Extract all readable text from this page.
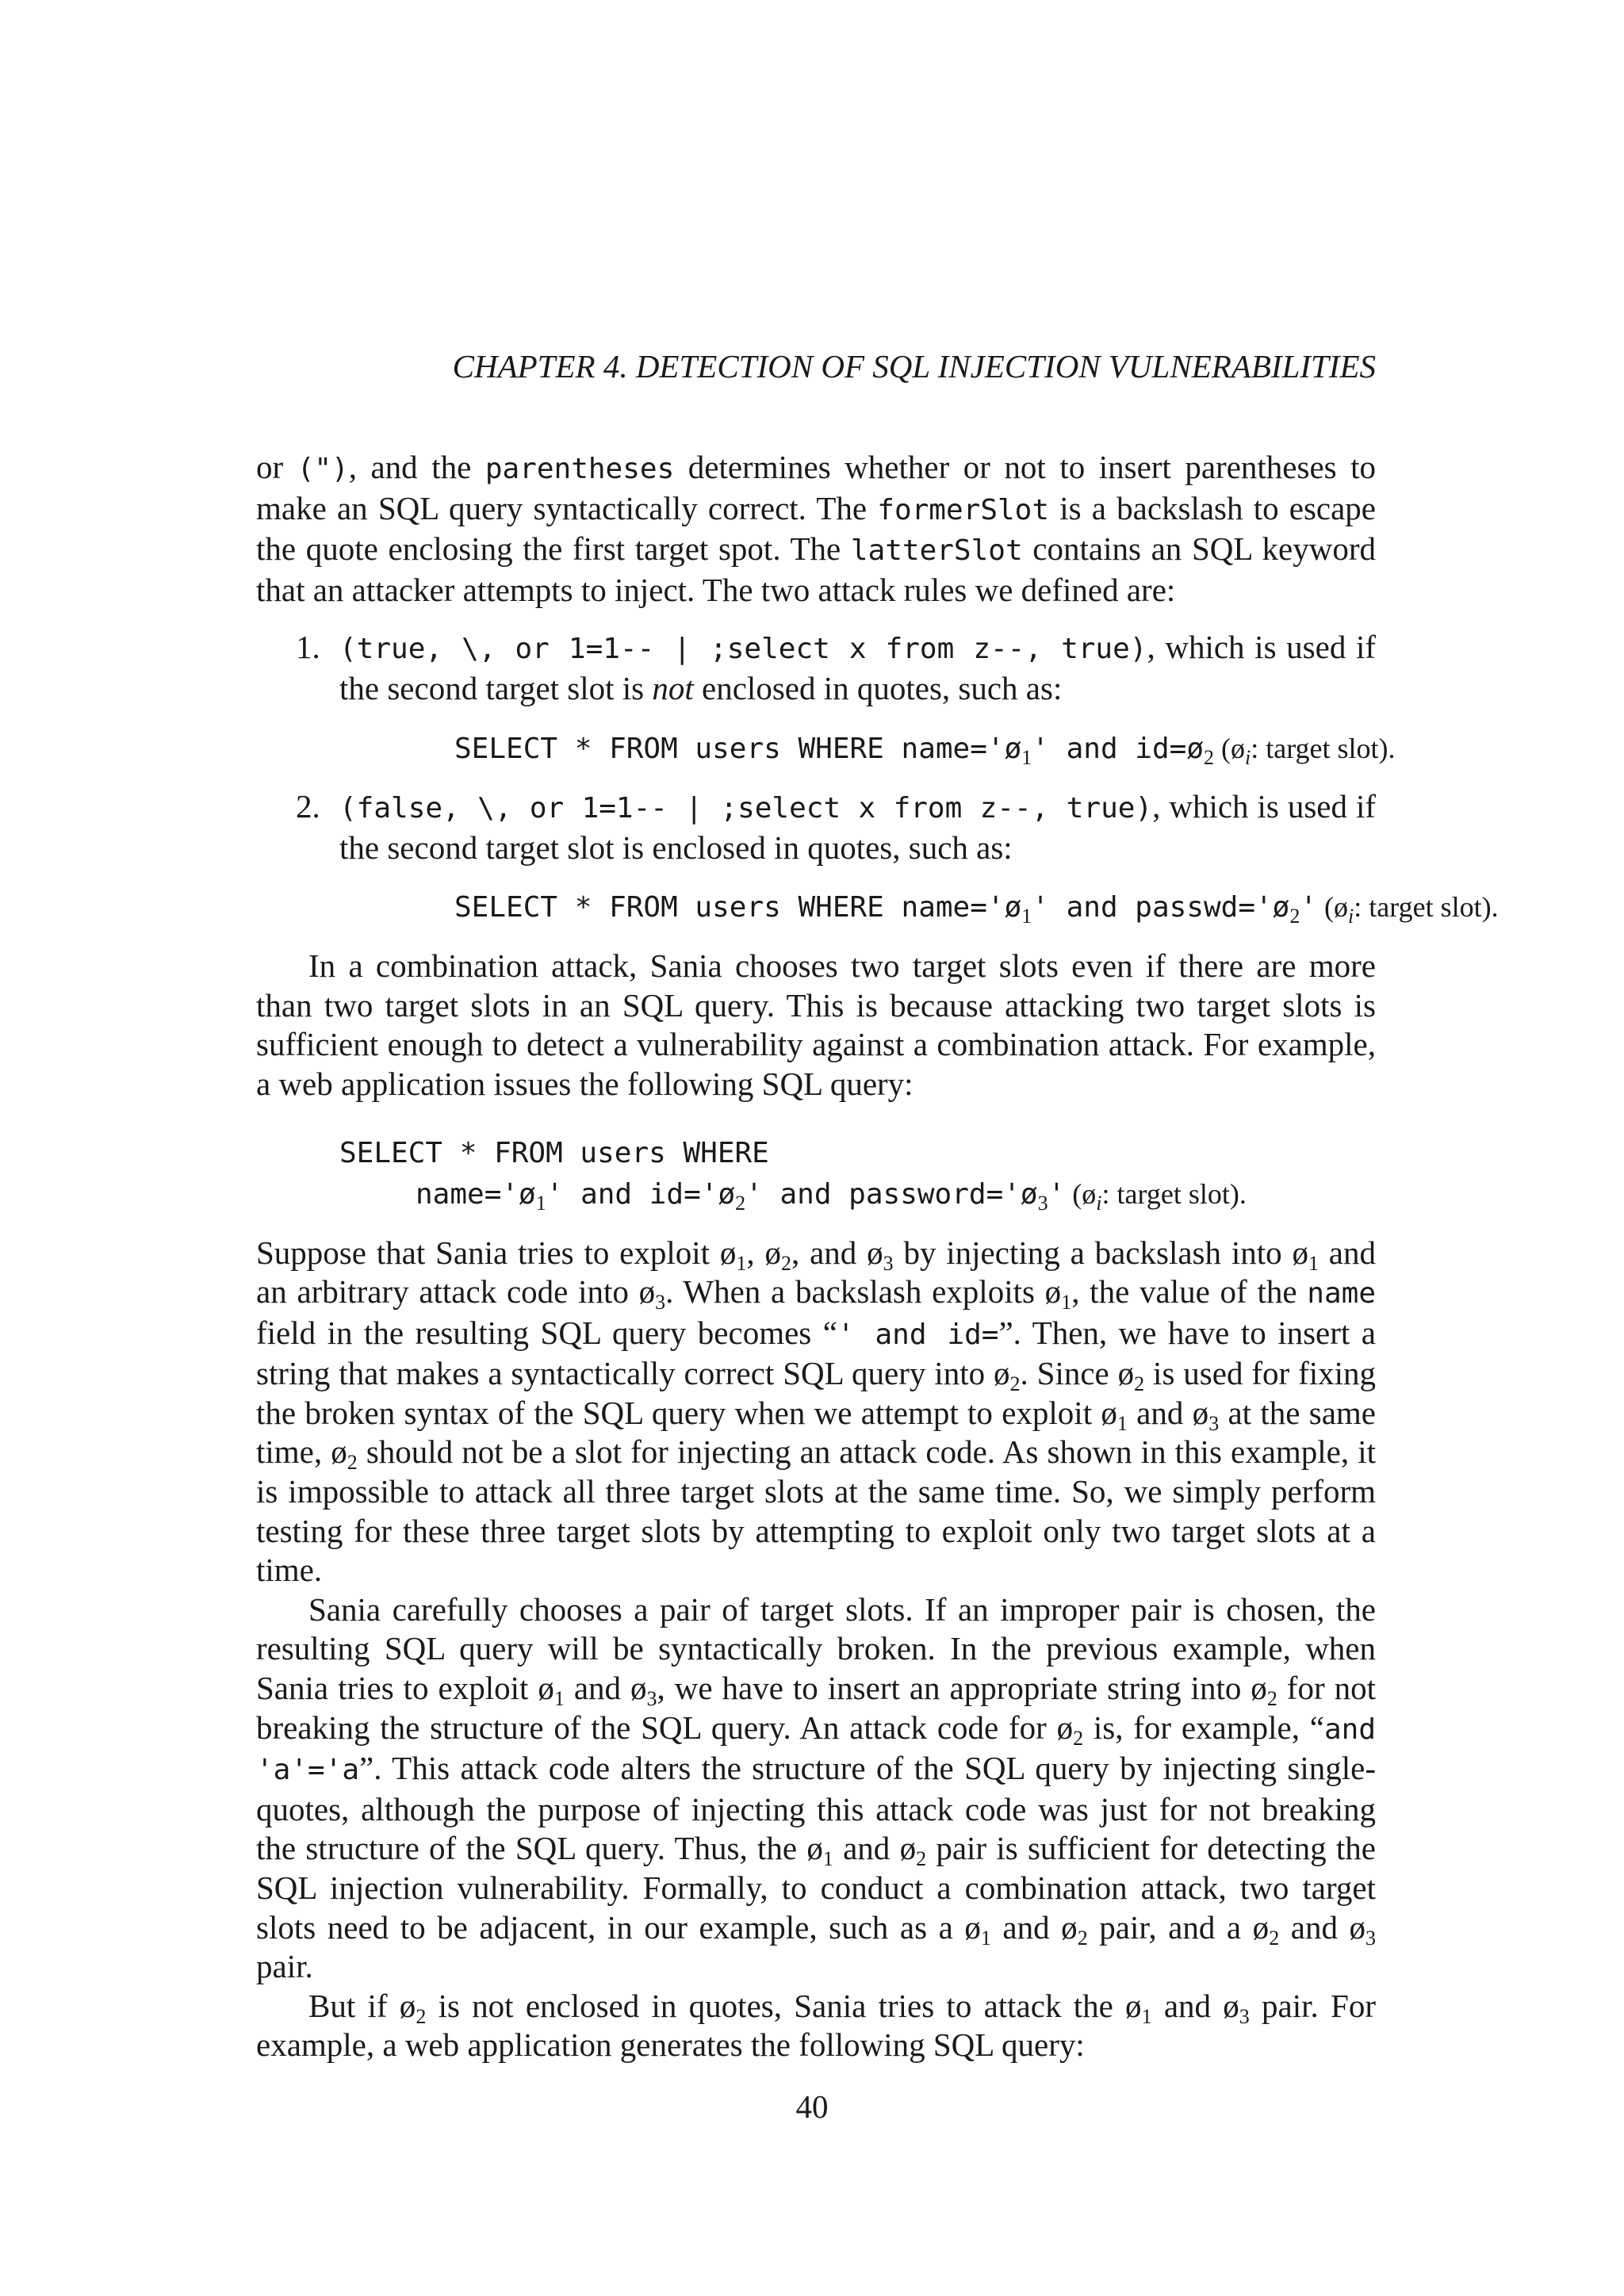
CHAPTER 4. DETECTION OF SQL INJECTION VULNERABILITIES

or ("), and the parentheses determines whether or not to insert parentheses to make an SQL query syntactically correct. The formerSlot is a backslash to escape the quote enclosing the first target spot. The latterSlot contains an SQL keyword that an attacker attempts to inject. The two attack rules we defined are:

1. (true, \, or 1=1-- | ;select x from z--, true), which is used if the second target slot is not enclosed in quotes, such as:
SELECT * FROM users WHERE $name='ø_1'$ and $id=ø_2$ ($ø_i$: target slot).
2. (false, \, or 1=1-- | ;select x from z--, true), which is used if the second target slot is enclosed in quotes, such as:
SELECT * FROM users WHERE $name='ø_1'$ and $passwd='ø_2'$ ($ø_i$: target slot).

In a combination attack, Sania chooses two target slots even if there are more than two target slots in an SQL query. This is because attacking two target slots is sufficient enough to detect a vulnerability against a combination attack. For example, a web application issues the following SQL query:

SELECT * FROM users WHERE
$name='ø_1'$ and $id='ø_2'$ and $password='ø_3'$ ($ø_i$: target slot).

Suppose that Sania tries to exploit $ø_1$, $ø_2$, and $ø_3$ by injecting a backslash into $ø_1$ and an arbitrary attack code into $ø_3$. When a backslash exploits $ø_1$, the value of the name field in the resulting SQL query becomes “' and id=”. Then, we have to insert a string that makes a syntactically correct SQL query into $ø_2$. Since $ø_2$ is used for fixing the broken syntax of the SQL query when we attempt to exploit $ø_1$ and $ø_3$ at the same time, $ø_2$ should not be a slot for injecting an attack code. As shown in this example, it is impossible to attack all three target slots at the same time. So, we simply perform testing for these three target slots by attempting to exploit only two target slots at a time.

Sania carefully chooses a pair of target slots. If an improper pair is chosen, the resulting SQL query will be syntactically broken. In the previous example, when Sania tries to exploit $ø_1$ and $ø_3$, we have to insert an appropriate string into $ø_2$ for not breaking the structure of the SQL query. An attack code for $ø_2$ is, for example, “and 'a'='a”. This attack code alters the structure of the SQL query by injecting single-quotes, although the purpose of injecting this attack code was just for not breaking the structure of the SQL query. Thus, the $ø_1$ and $ø_2$ pair is sufficient for detecting the SQL injection vulnerability. Formally, to conduct a combination attack, two target slots need to be adjacent, in our example, such as a $ø_1$ and $ø_2$ pair, and a $ø_2$ and $ø_3$ pair.

But if $ø_2$ is not enclosed in quotes, Sania tries to attack the $ø_1$ and $ø_3$ pair. For example, a web application generates the following SQL query:

40
